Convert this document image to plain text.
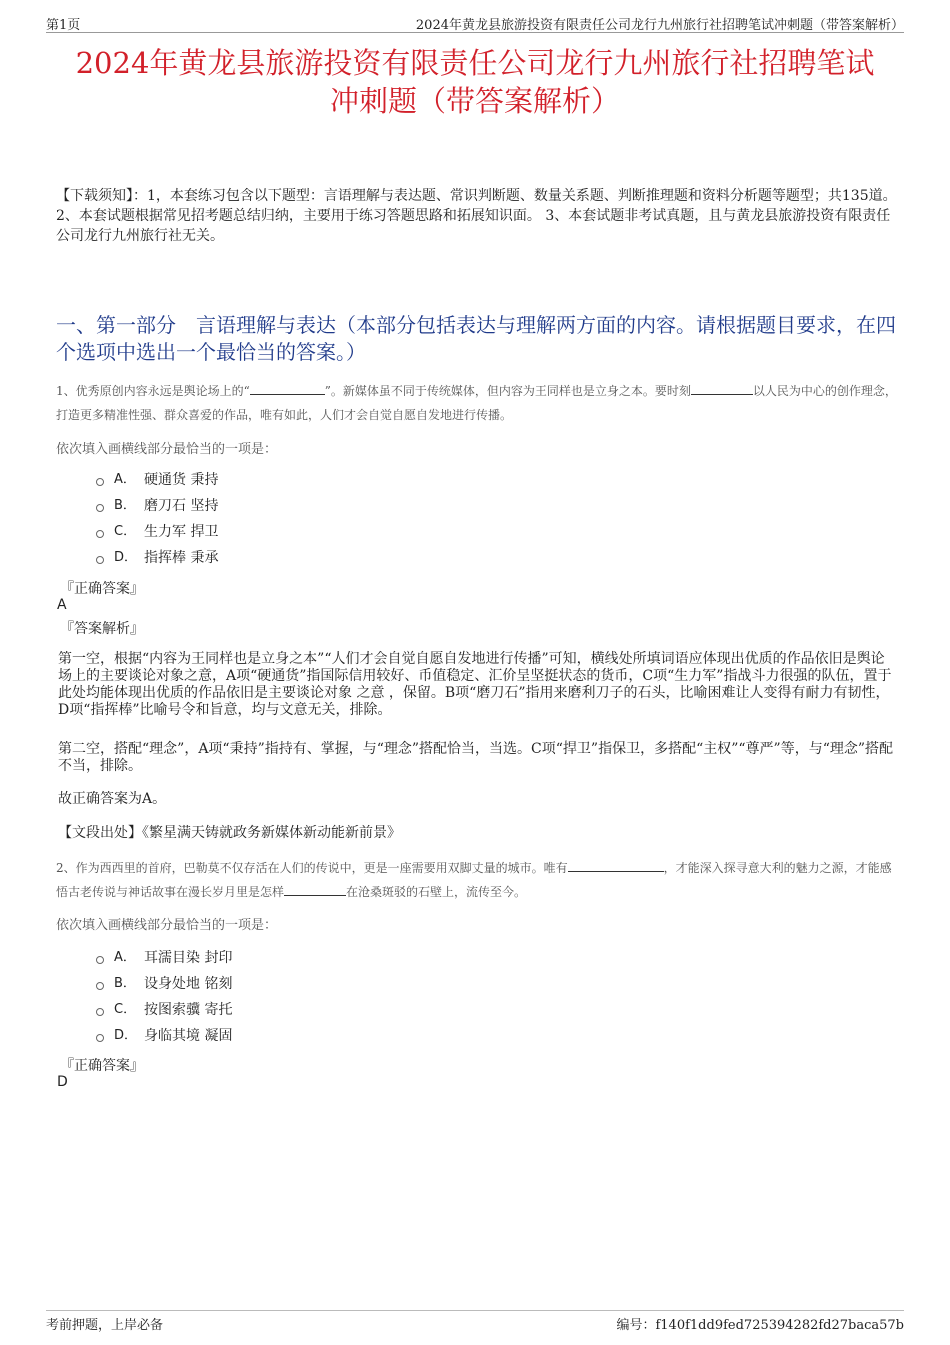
第1页	2024年黄龙县旅游投资有限责任公司龙行九州旅行社招聘笔试冲刺题（带答案解析）
2024年黄龙县旅游投资有限责任公司龙行九州旅行社招聘笔试
冲刺题（带答案解析）

【下载须知】：1，本套练习包含以下题型：言语理解与表达题、常识判断题、数量关系题、判断推理题和资料分析题等题型；共135道。 2、本套试题根据常见招考题总结归纳，主要用于练习答题思路和拓展知识面。 3、本套试题非考试真题，且与黄龙县旅游投资有限责任公司龙行九州旅行社无关。

一、第一部分　言语理解与表达（本部分包括表达与理解两方面的内容。请根据题目要求，在四个选项中选出一个最恰当的答案。）

1、优秀原创内容永远是舆论场上的“	”。新媒体虽不同于传统媒体，但内容为王同样也是立身之本。要时刻	以人民为中心的创作理念，打造更多精准性强、群众喜爱的作品，唯有如此，人们才会自觉自愿自发地进行传播。

依次填入画横线部分最恰当的一项是：

A． 硬通货 秉持
B． 磨刀石 坚持
C． 生力军 捍卫
D． 指挥棒 秉承

『正确答案』

A

『答案解析』

第一空，根据“内容为王同样也是立身之本”“人们才会自觉自愿自发地进行传播”可知，横线处所填词语应体现出优质的作品依旧是舆论场上的主要谈论对象之意，A项“硬通货”指国际信用较好、币值稳定、汇价呈坚挺状态的货币，C项“生力军”指战斗力很强的队伍，置于此处均能体现出优质的作品依旧是主要谈论对象 之意 ，保留。B项“磨刀石”指用来磨利刀子的石头，比喻困难让人变得有耐力有韧性，D项“指挥棒”比喻号令和旨意，均与文意无关，排除。

第二空，搭配“理念”，A项“秉持”指持有、掌握，与“理念”搭配恰当，当选。C项“捍卫”指保卫，多搭配“主权”“尊严”等，与“理念”搭配不当，排除。

故正确答案为A。

【文段出处】《繁星满天铸就政务新媒体新动能新前景》

2、作为西西里的首府，巴勒莫不仅存活在人们的传说中，更是一座需要用双脚丈量的城市。唯有	，才能深入探寻意大利的魅力之源，才能感悟古老传说与神话故事在漫长岁月里是怎样	在沧桑斑驳的石壁上，流传至今。

依次填入画横线部分最恰当的一项是：

A． 耳濡目染 封印
B． 设身处地 铭刻
C． 按图索骥 寄托
D． 身临其境 凝固

『正确答案』

D

考前押题，上岸必备	编号：f140f1dd9fed725394282fd27baca57b
